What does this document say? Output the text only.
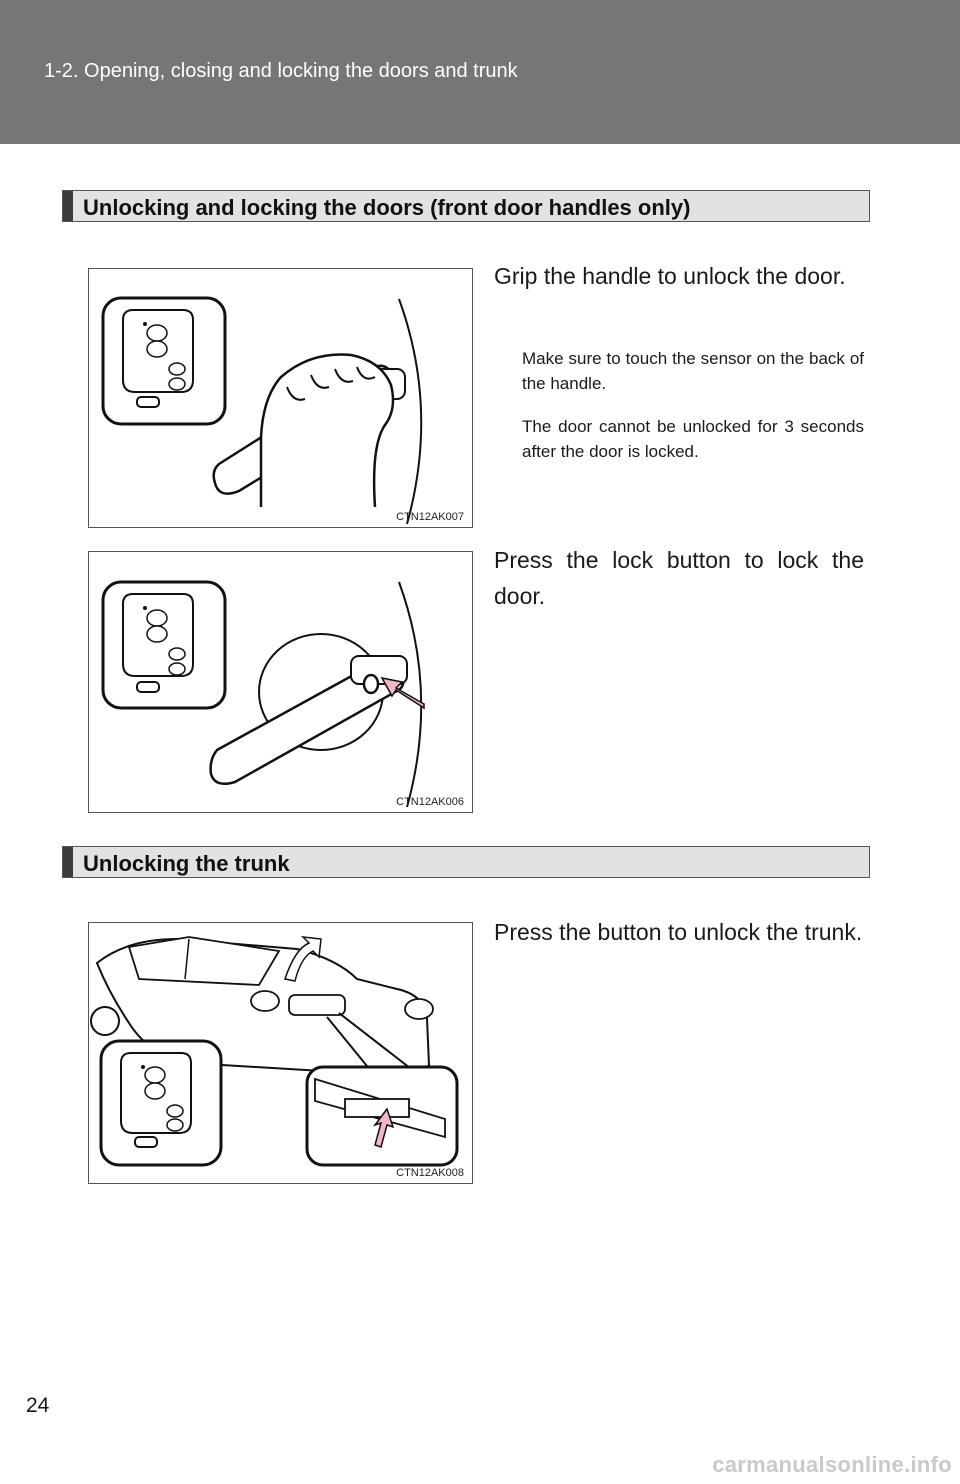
1-2. Opening, closing and locking the doors and trunk
Unlocking and locking the doors (front door handles only)
CTN12AK007
Grip the handle to unlock the door.
Make sure to touch the sensor on the back of the handle.
The door cannot be unlocked for 3 seconds after the door is locked.
CTN12AK006
Press the lock button to lock the door.
Unlocking the trunk
CTN12AK008
Press the button to unlock the trunk.
24
carmanualsonline.info
